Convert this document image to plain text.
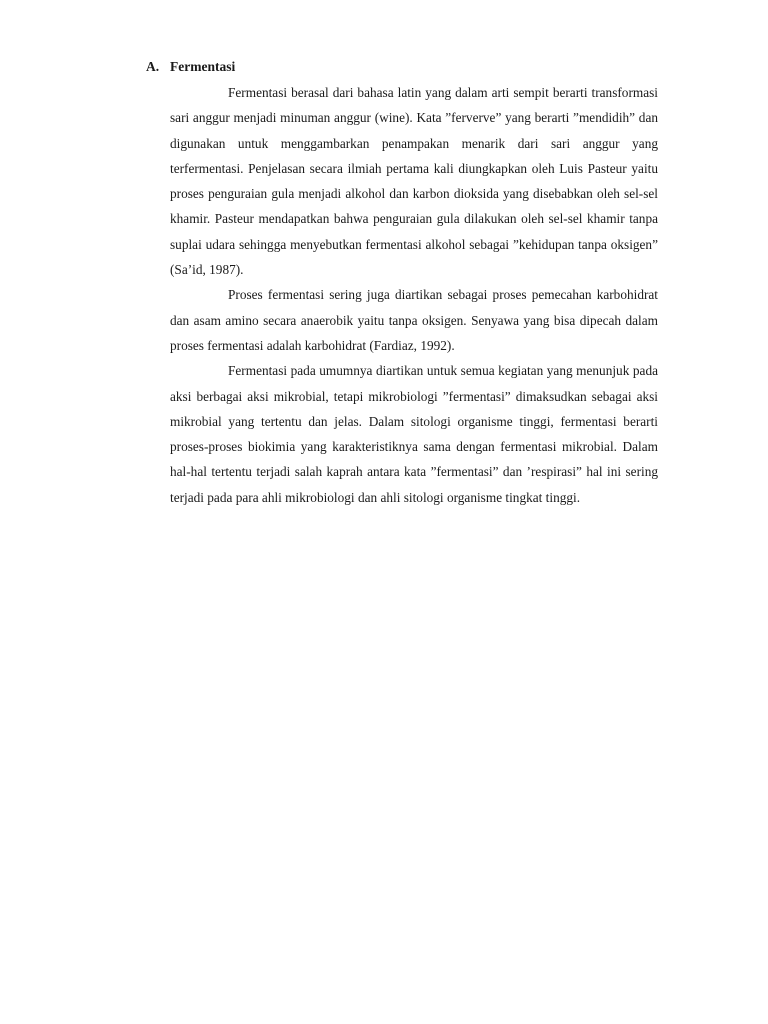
A. Fermentasi

Fermentasi berasal dari bahasa latin yang dalam arti sempit berarti transformasi sari anggur menjadi minuman anggur (wine). Kata ”ferverve” yang berarti ”mendidih” dan digunakan untuk menggambarkan penampakan menarik dari sari anggur yang terfermentasi. Penjelasan secara ilmiah pertama kali diungkapkan oleh Luis Pasteur yaitu proses penguraian gula menjadi alkohol dan karbon dioksida yang disebabkan oleh sel-sel khamir. Pasteur mendapatkan bahwa penguraian gula dilakukan oleh sel-sel khamir tanpa suplai udara sehingga menyebutkan fermentasi alkohol sebagai ”kehidupan tanpa oksigen” (Sa’id, 1987).

Proses fermentasi sering juga diartikan sebagai proses pemecahan karbohidrat dan asam amino secara anaerobik yaitu tanpa oksigen. Senyawa yang bisa dipecah dalam proses fermentasi adalah karbohidrat (Fardiaz, 1992).

Fermentasi pada umumnya diartikan untuk semua kegiatan yang menunjuk pada aksi berbagai aksi mikrobial, tetapi mikrobiologi ”fermentasi” dimaksudkan sebagai aksi mikrobial yang tertentu dan jelas. Dalam sitologi organisme tinggi, fermentasi berarti proses-proses biokimia yang karakteristiknya sama dengan fermentasi mikrobial. Dalam hal-hal tertentu terjadi salah kaprah antara kata ”fermentasi” dan ’respirasi” hal ini sering terjadi pada para ahli mikrobiologi dan ahli sitologi organisme tingkat tinggi.
